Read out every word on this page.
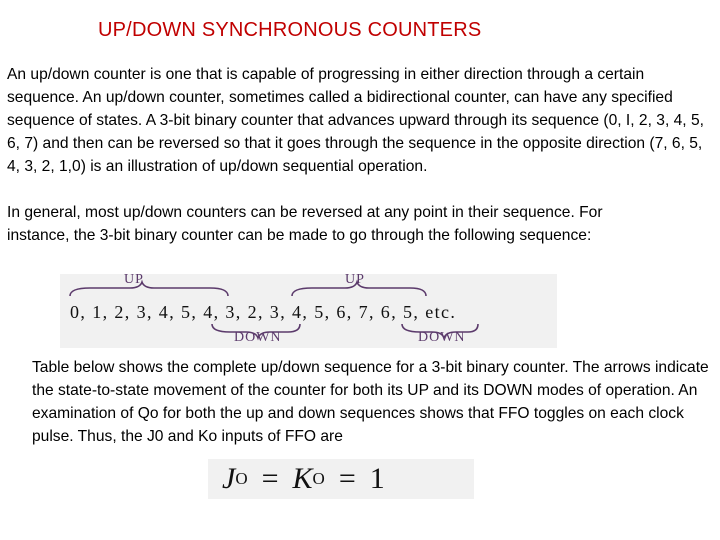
UP/DOWN SYNCHRONOUS COUNTERS

An up/down counter is one that is capable of progressing in either direction through a certain sequence. An up/down counter, sometimes called a bidirectional counter, can have any specified sequence of states. A 3-bit binary counter that advances upward through its sequence (0, I, 2, 3, 4, 5, 6, 7) and then can be reversed so that it goes through the sequence in the opposite direction (7, 6, 5, 4, 3, 2, 1,0) is an illustration of up/down sequential operation.

In general, most up/down counters can be reversed at any point in their sequence. For instance, the 3-bit binary counter can be made to go through the following sequence:

UP	UP
DOWN	DOWN
0, 1, 2, 3, 4, 5, 4, 3, 2, 3, 4, 5, 6, 7, 6, 5, etc.

Table below shows the complete up/down sequence for a 3-bit binary counter. The arrows indicate the state-to-state movement of the counter for both its UP and its DOWN modes of operation. An examination of Qo for both the up and down sequences shows that FFO toggles on each clock pulse. Thus, the J0 and Ko inputs of FFO are

J O = K O = 1
